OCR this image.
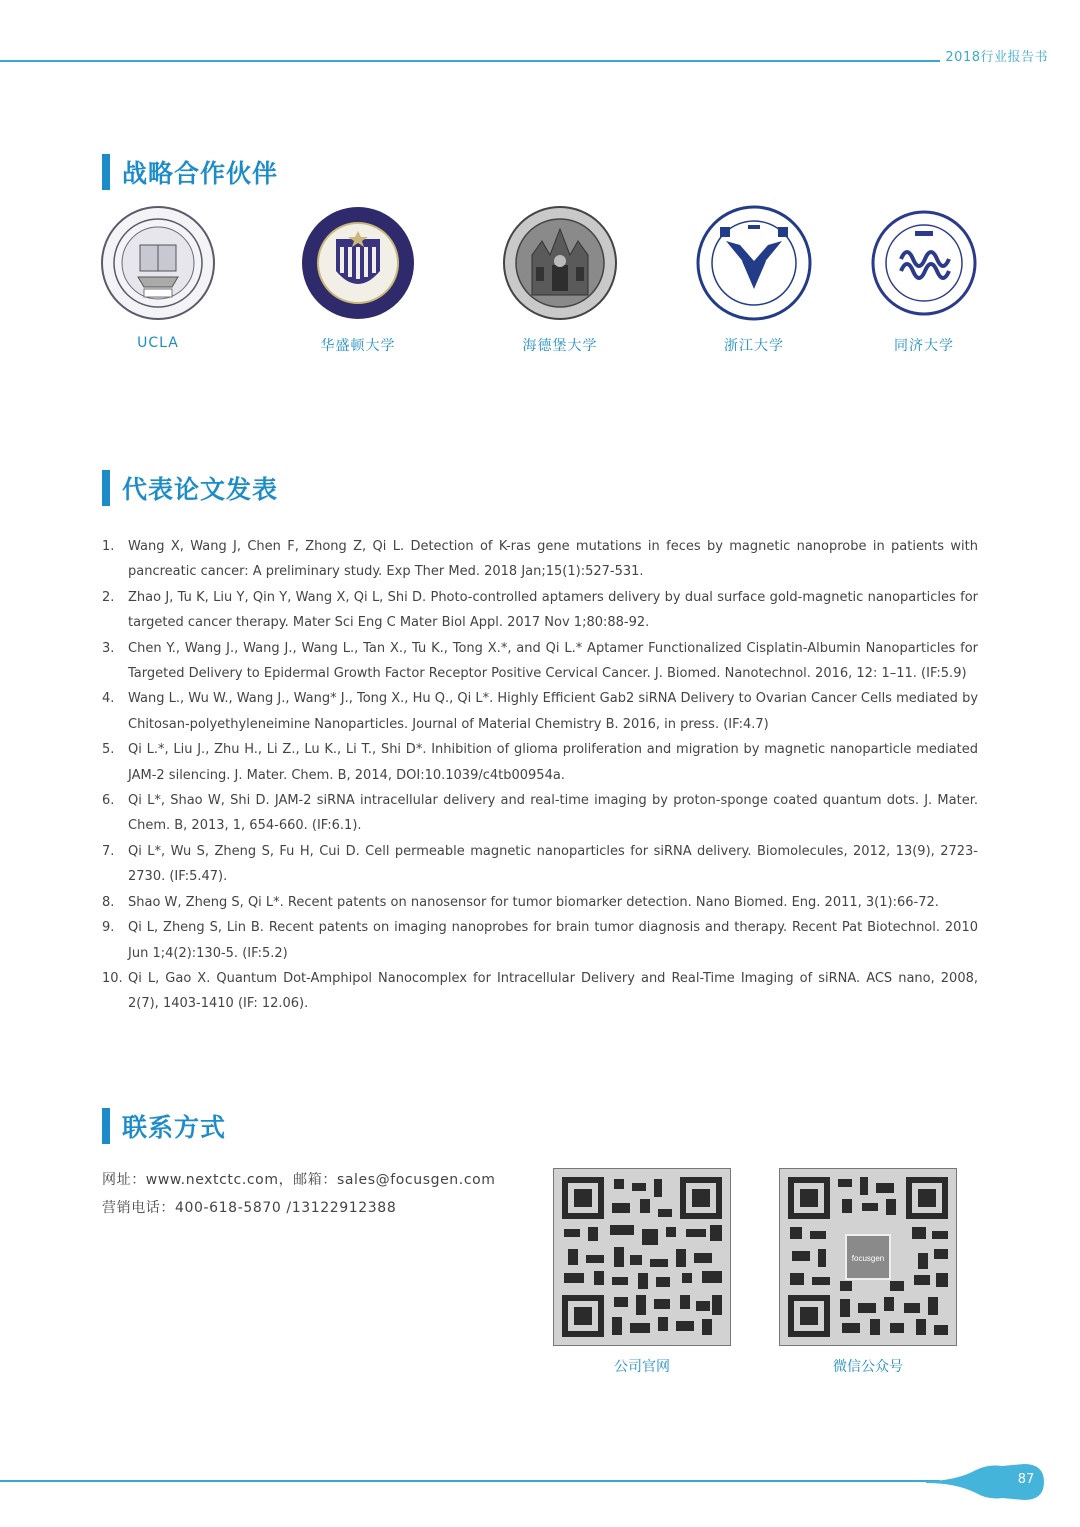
2018行业报告书
战略合作伙伴
UCLA	华盛顿大学	海德堡大学	浙江大学	同济大学
代表论文发表
1.	Wang X, Wang J, Chen F, Zhong Z, Qi L. Detection of K-ras gene mutations in feces by magnetic nanoprobe in patients with pancreatic cancer: A preliminary study. Exp Ther Med. 2018 Jan;15(1):527-531.
2.	Zhao J, Tu K, Liu Y, Qin Y, Wang X, Qi L, Shi D. Photo-controlled aptamers delivery by dual surface gold-magnetic nanoparticles for targeted cancer therapy. Mater Sci Eng C Mater Biol Appl. 2017 Nov 1;80:88-92.
3.	Chen Y., Wang J., Wang J., Wang L., Tan X., Tu K., Tong X.*, and Qi L.* Aptamer Functionalized Cisplatin-Albumin Nanoparticles for Targeted Delivery to Epidermal Growth Factor Receptor Positive Cervical Cancer. J. Biomed. Nanotechnol. 2016, 12: 1–11. (IF:5.9)
4.	Wang L., Wu W., Wang J., Wang* J., Tong X., Hu Q., Qi L*. Highly Efficient Gab2 siRNA Delivery to Ovarian Cancer Cells mediated by Chitosan-polyethyleneimine Nanoparticles. Journal of Material Chemistry B. 2016, in press. (IF:4.7)
5.	Qi L.*, Liu J., Zhu H., Li Z., Lu K., Li T., Shi D*. Inhibition of glioma proliferation and migration by magnetic nanoparticle mediated JAM-2 silencing. J. Mater. Chem. B, 2014, DOI:10.1039/c4tb00954a.
6.	Qi L*, Shao W, Shi D. JAM-2 siRNA intracellular delivery and real-time imaging by proton-sponge coated quantum dots. J. Mater. Chem. B, 2013, 1, 654-660. (IF:6.1).
7.	Qi L*, Wu S, Zheng S, Fu H, Cui D. Cell permeable magnetic nanoparticles for siRNA delivery. Biomolecules, 2012, 13(9), 2723-2730. (IF:5.47).
8.	Shao W, Zheng S, Qi L*. Recent patents on nanosensor for tumor biomarker detection. Nano Biomed. Eng. 2011, 3(1):66-72.
9.	Qi L, Zheng S, Lin B. Recent patents on imaging nanoprobes for brain tumor diagnosis and therapy. Recent Pat Biotechnol. 2010 Jun 1;4(2):130-5. (IF:5.2)
10. Qi L, Gao X. Quantum Dot-Amphipol Nanocomplex for Intracellular Delivery and Real-Time Imaging of siRNA. ACS nano, 2008, 2(7), 1403-1410 (IF: 12.06).
联系方式
网址：www.nextctc.com，邮箱：sales@focusgen.com
营销电话：400-618-5870 /13122912388
公司官网
focusgen
微信公众号
87
